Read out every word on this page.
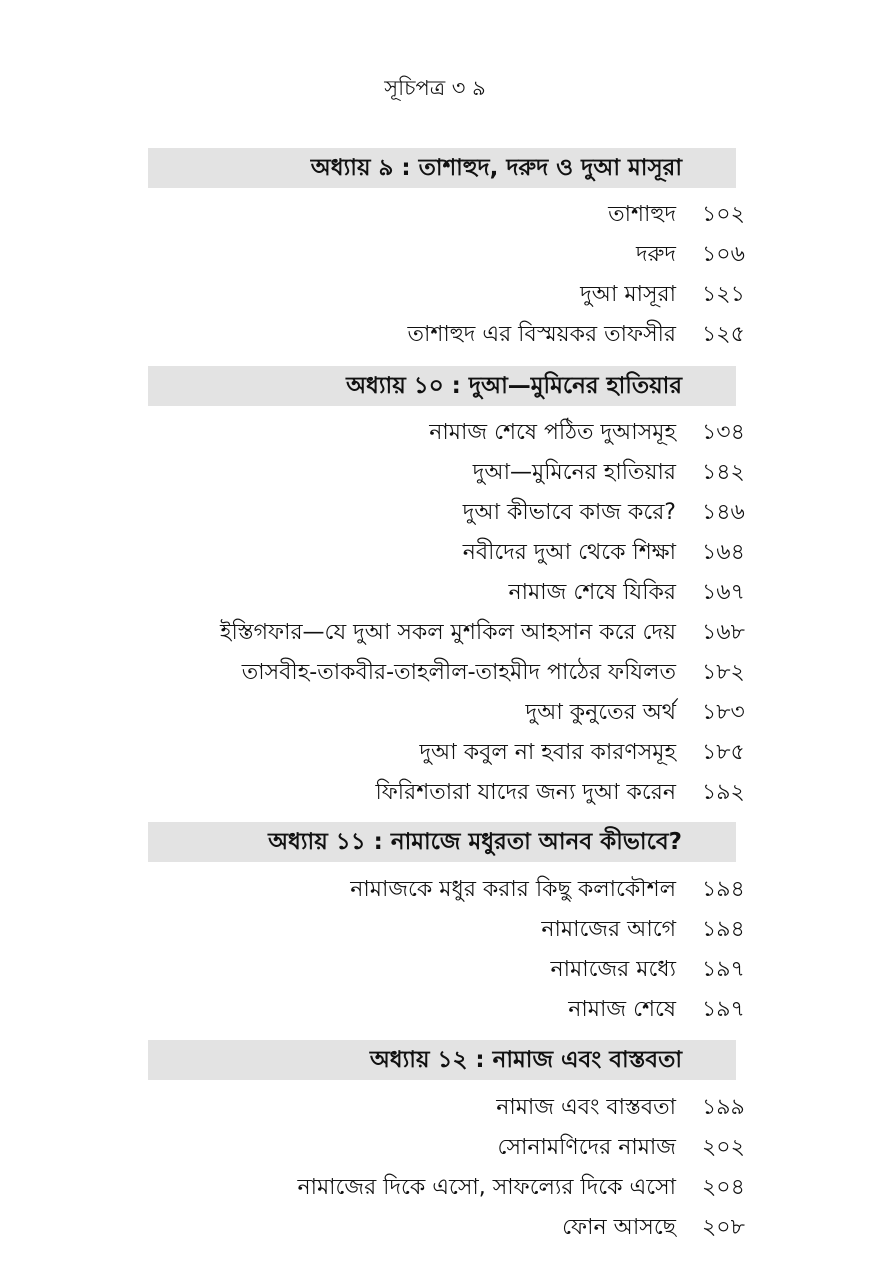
সূচিপত্র ৩ ৯
অধ্যায় ৯ : তাশাহুদ, দরুদ ও দুআ মাসূরা
তাশাহুদ	১০২
দরুদ	১০৬
দুআ মাসূরা	১২১
তাশাহুদ এর বিস্ময়কর তাফসীর	১২৫
অধ্যায় ১০ : দুআ—মুমিনের হাতিয়ার
নামাজ শেষে পঠিত দুআসমূহ	১৩৪
দুআ—মুমিনের হাতিয়ার	১৪২
দুআ কীভাবে কাজ করে?	১৪৬
নবীদের দুআ থেকে শিক্ষা	১৬৪
নামাজ শেষে যিকির	১৬৭
ইস্তিগফার—যে দুআ সকল মুশকিল আহসান করে দেয়	১৬৮
তাসবীহ-তাকবীর-তাহলীল-তাহমীদ পাঠের ফযিলত	১৮২
দুআ কুনুতের অর্থ	১৮৩
দুআ কবুল না হবার কারণসমূহ	১৮৫
ফিরিশতারা যাদের জন্য দুআ করেন	১৯২
অধ্যায় ১১ : নামাজে মধুরতা আনব কীভাবে?
নামাজকে মধুর করার কিছু কলাকৌশল	১৯৪
নামাজের আগে	১৯৪
নামাজের মধ্যে	১৯৭
নামাজ শেষে	১৯৭
অধ্যায় ১২ : নামাজ এবং বাস্তবতা
নামাজ এবং বাস্তবতা	১৯৯
সোনামণিদের নামাজ	২০২
নামাজের দিকে এসো, সাফল্যের দিকে এসো	২০৪
ফোন আসছে	২০৮
